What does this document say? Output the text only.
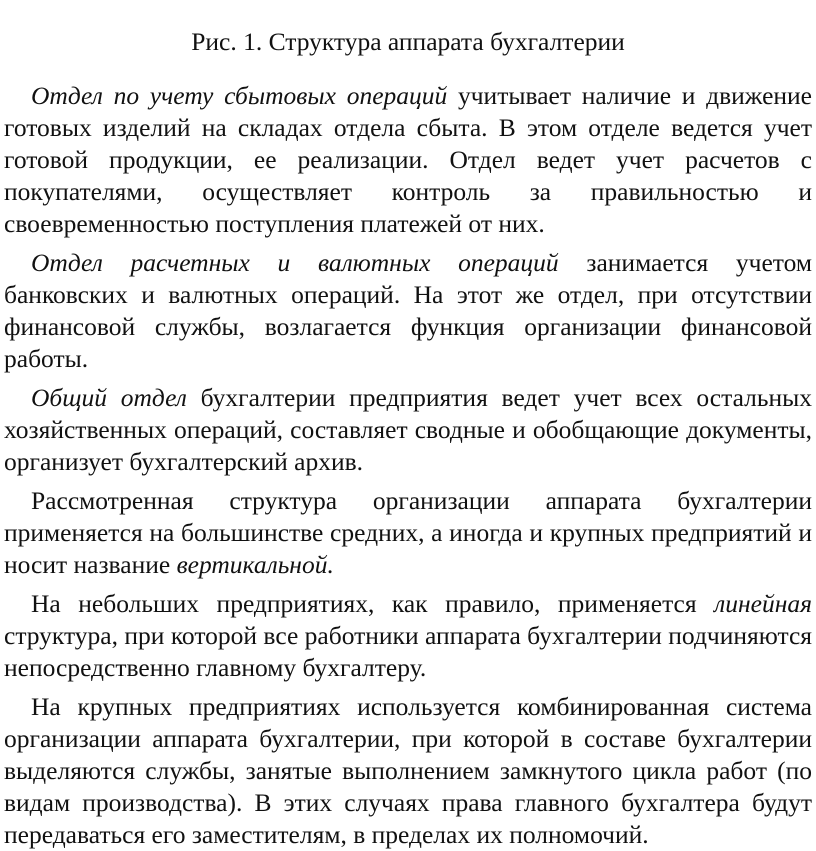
Рис. 1. Структура аппарата бухгалтерии

Отдел по учету сбытовых операций учитывает наличие и движение готовых изделий на складах отдела сбыта. В этом отделе ведется учет готовой продукции, ее реализации. Отдел ведет учет расчетов с покупателями, осуществляет контроль за правильностью и своевременностью поступления платежей от них.

Отдел расчетных и валютных операций занимается учетом банковских и валютных операций. На этот же отдел, при отсутствии финансовой службы, возлагается функция организации финансовой работы.

Общий отдел бухгалтерии предприятия ведет учет всех остальных хозяйственных операций, составляет сводные и обобщающие документы, организует бухгалтерский архив.

Рассмотренная структура организации аппарата бухгалтерии применяется на большинстве средних, а иногда и крупных предприятий и носит название вертикальной.

На небольших предприятиях, как правило, применяется линейная структура, при которой все работники аппарата бухгалтерии подчиняются непосредственно главному бухгалтеру.

На крупных предприятиях используется комбинированная система организации аппарата бухгалтерии, при которой в составе бухгалтерии выделяются службы, занятые выполнением замкнутого цикла работ (по видам производства). В этих случаях права главного бухгалтера будут передаваться его заместителям, в пределах их полномочий.
